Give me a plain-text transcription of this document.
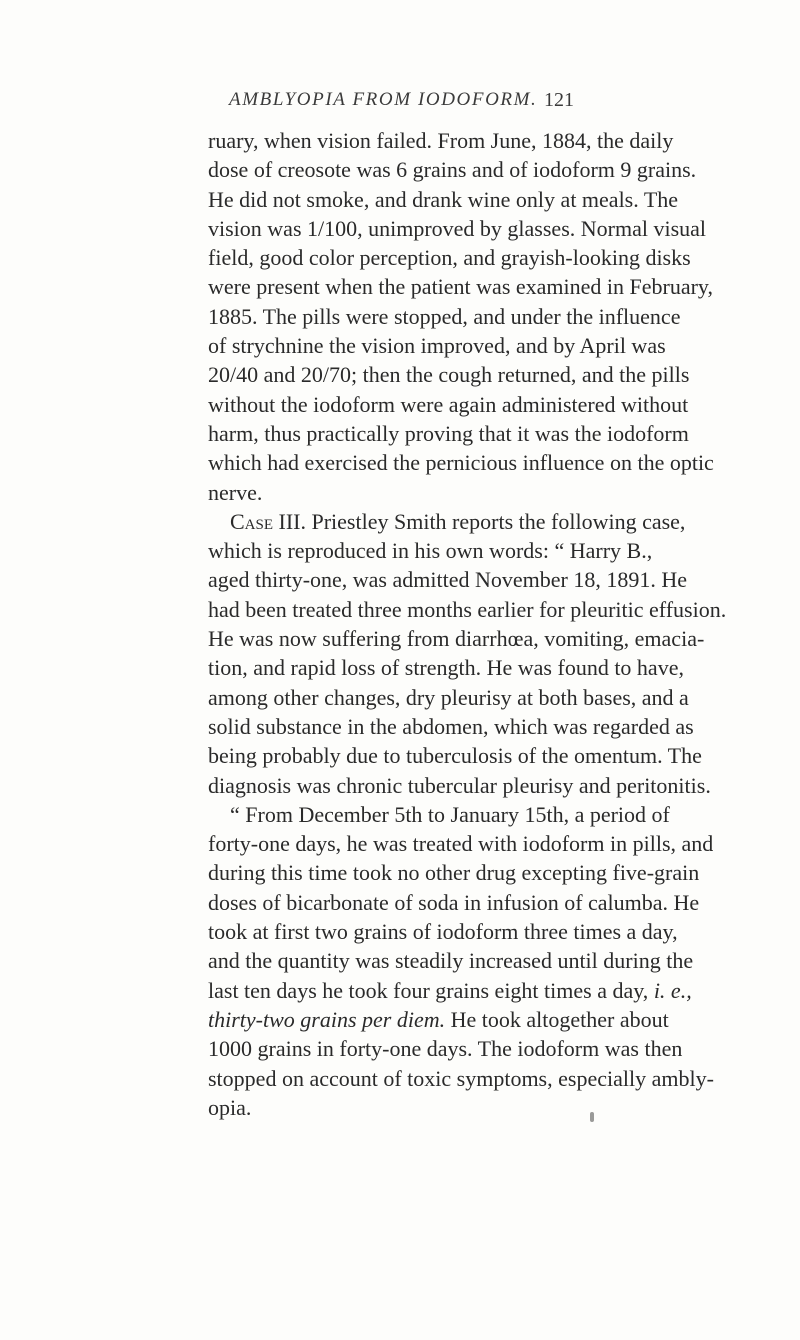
AMBLYOPIA FROM IODOFORM. 121
ruary, when vision failed. From June, 1884, the daily
dose of creosote was 6 grains and of iodoform 9 grains.
He did not smoke, and drank wine only at meals. The
vision was 1/100, unimproved by glasses. Normal visual
field, good color perception, and grayish-looking disks
were present when the patient was examined in February,
1885. The pills were stopped, and under the influence
of strychnine the vision improved, and by April was
20/40 and 20/70; then the cough returned, and the pills
without the iodoform were again administered without
harm, thus practically proving that it was the iodoform
which had exercised the pernicious influence on the optic
nerve.
Case III. Priestley Smith reports the following case,
which is reproduced in his own words: “ Harry B.,
aged thirty-one, was admitted November 18, 1891. He
had been treated three months earlier for pleuritic effusion.
He was now suffering from diarrhœa, vomiting, emacia-
tion, and rapid loss of strength. He was found to have,
among other changes, dry pleurisy at both bases, and a
solid substance in the abdomen, which was regarded as
being probably due to tuberculosis of the omentum. The
diagnosis was chronic tubercular pleurisy and peritonitis.
“ From December 5th to January 15th, a period of
forty-one days, he was treated with iodoform in pills, and
during this time took no other drug excepting five-grain
doses of bicarbonate of soda in infusion of calumba. He
took at first two grains of iodoform three times a day,
and the quantity was steadily increased until during the
last ten days he took four grains eight times a day, i. e.,
thirty-two grains per diem. He took altogether about
1000 grains in forty-one days. The iodoform was then
stopped on account of toxic symptoms, especially ambly-
opia.
